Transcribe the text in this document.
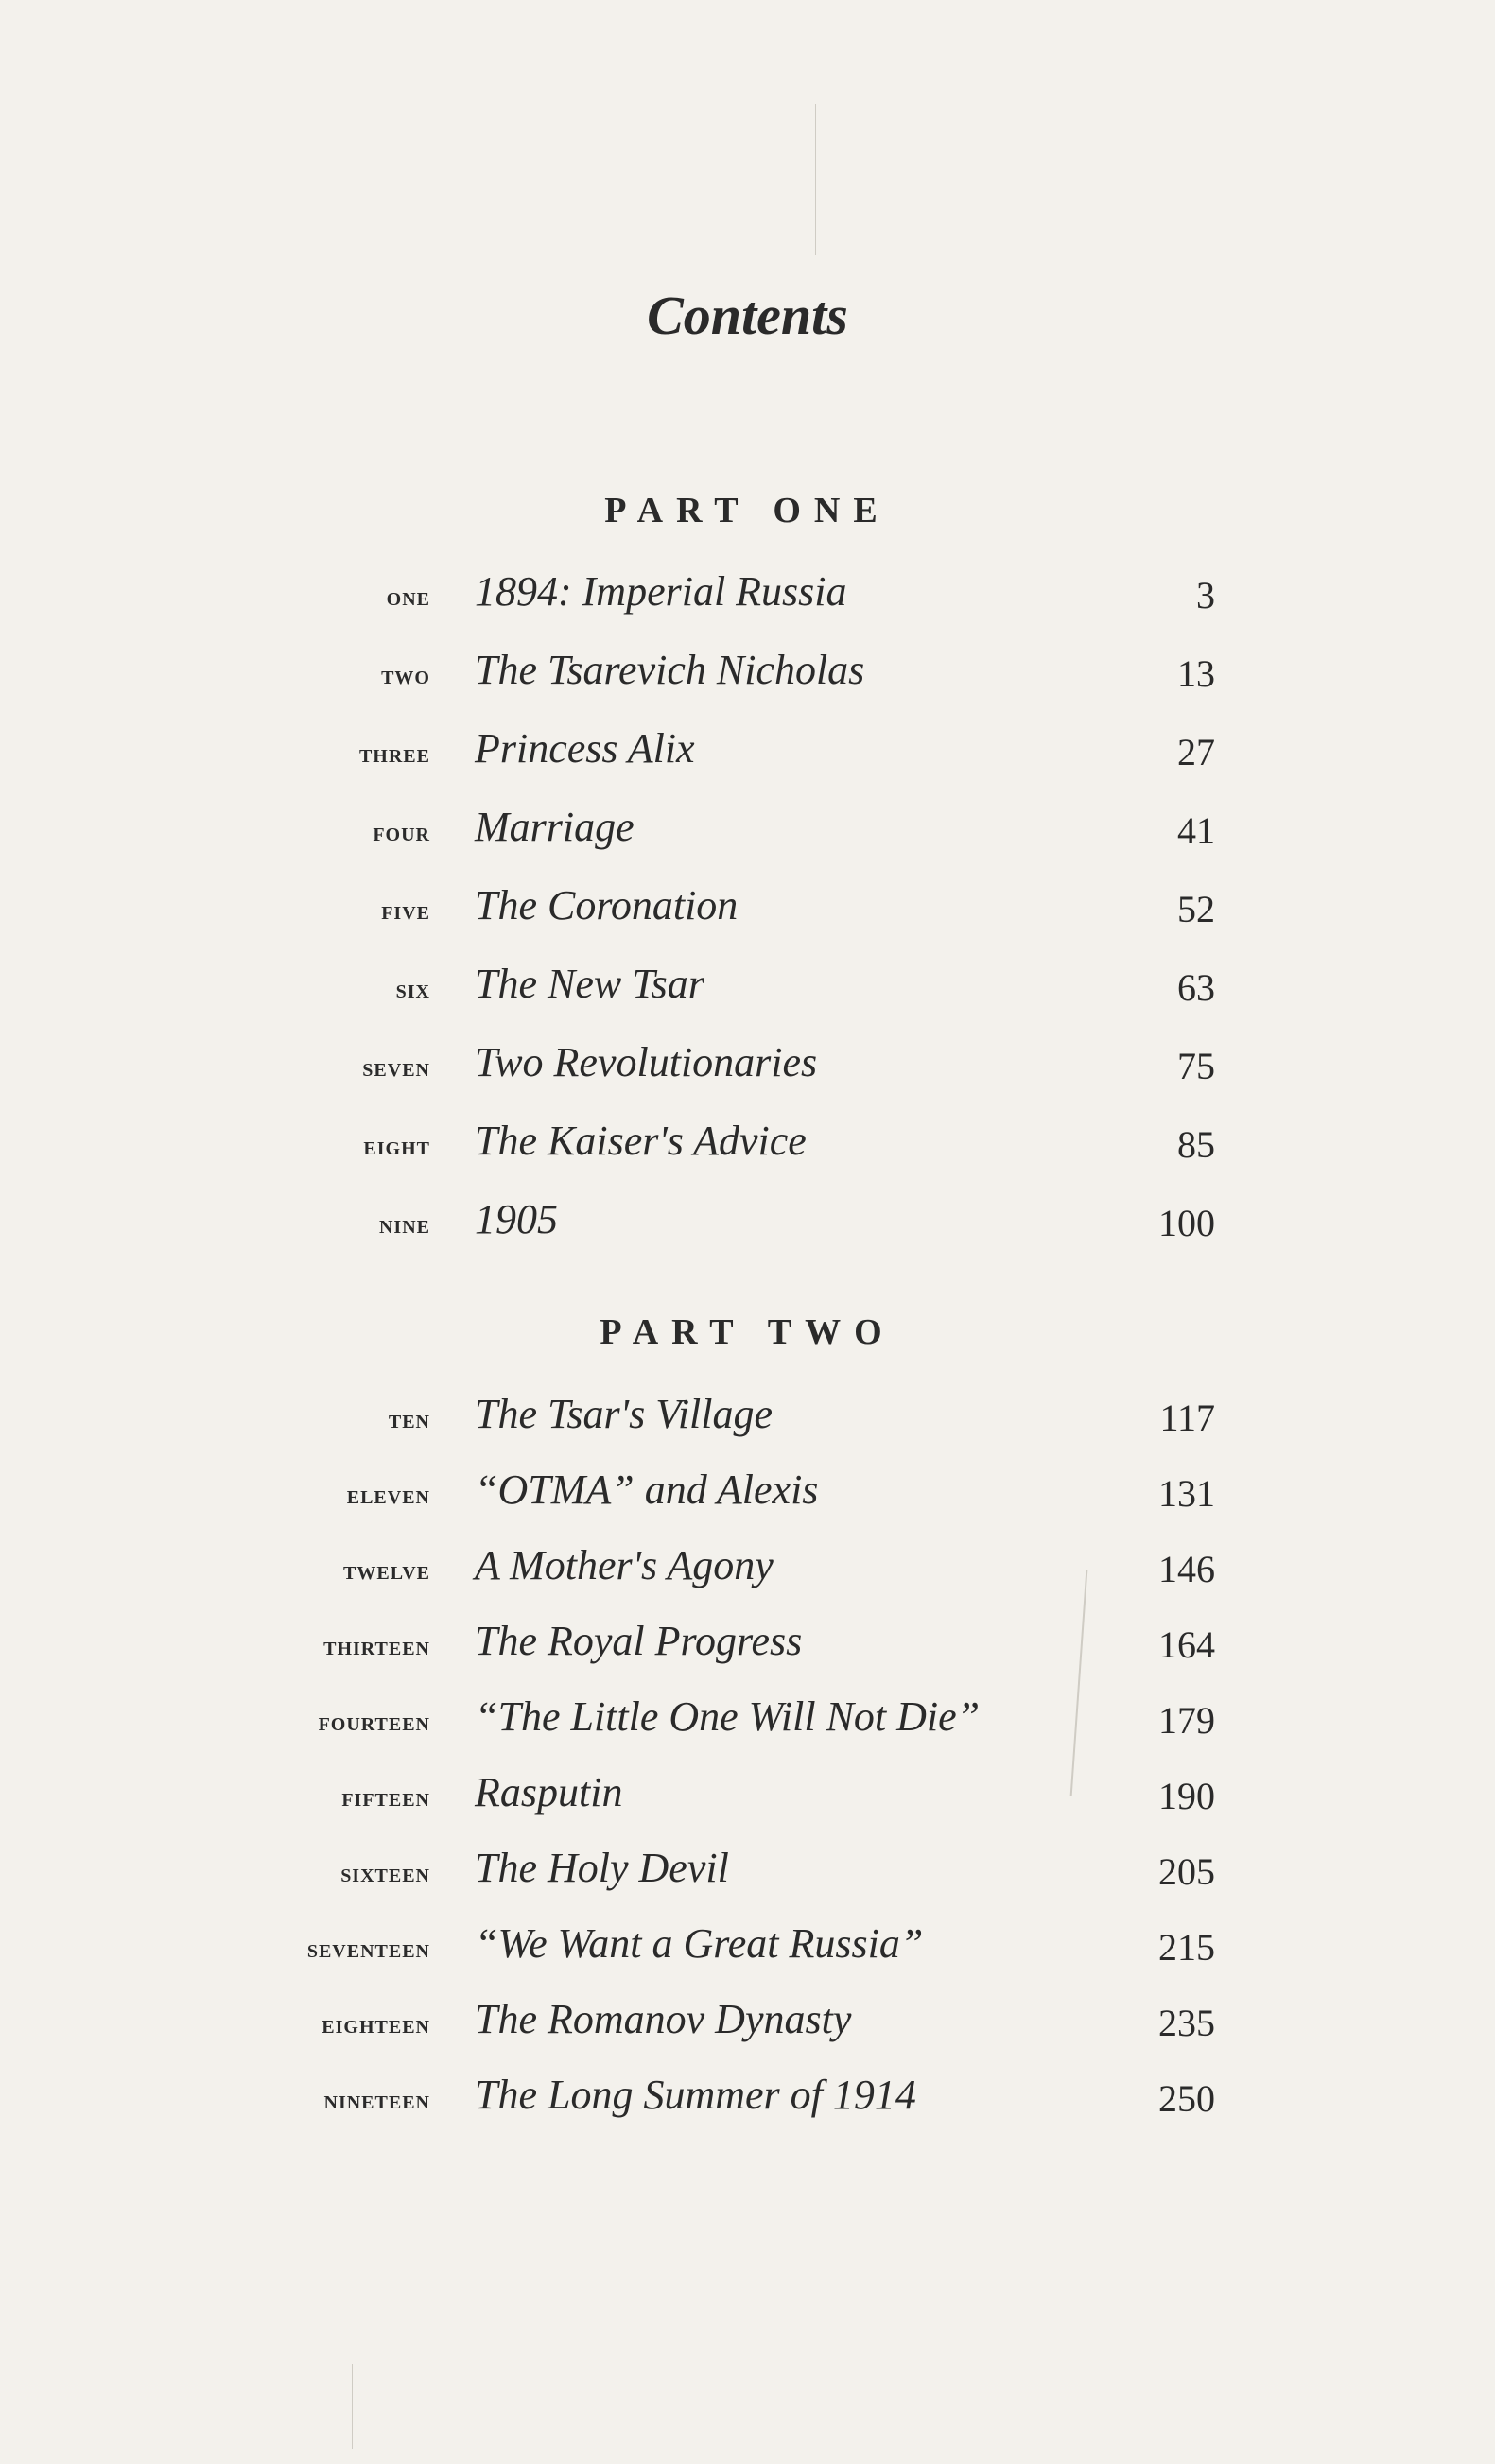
Contents
PART ONE
one 1894: Imperial Russia	3
two The Tsarevich Nicholas	13
three Princess Alix	27
four Marriage	41
five The Coronation	52
six The New Tsar	63
seven Two Revolutionaries	75
eight The Kaiser's Advice	85
nine 1905	100
PART TWO
ten The Tsar's Village	117
eleven “OTMA” and Alexis	131
twelve A Mother's Agony	146
thirteen The Royal Progress	164
fourteen “The Little One Will Not Die”	179
fifteen Rasputin	190
sixteen The Holy Devil	205
seventeen “We Want a Great Russia”	215
eighteen The Romanov Dynasty	235
nineteen The Long Summer of 1914	250
